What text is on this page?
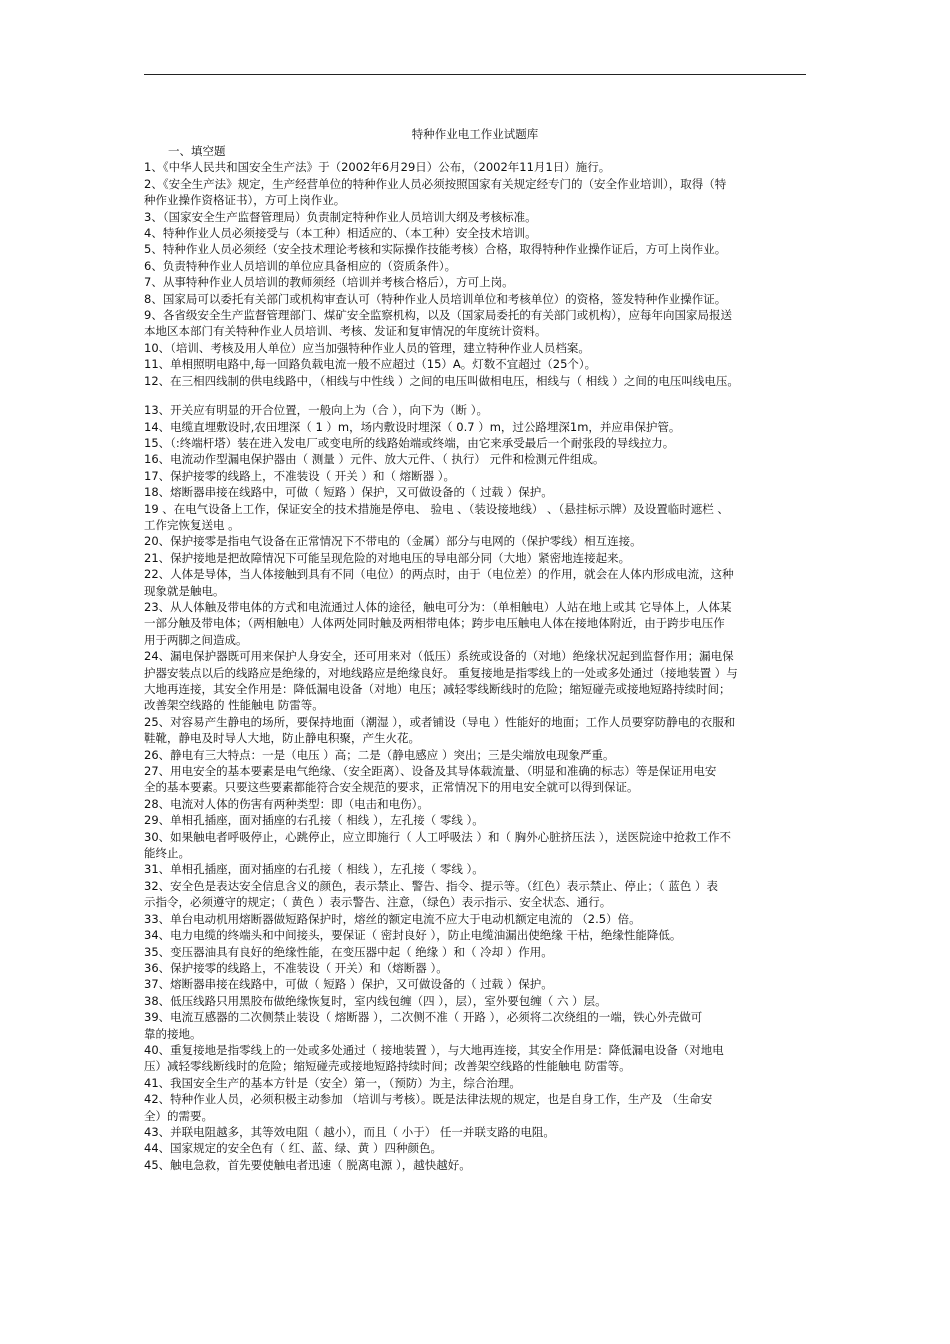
特种作业电工作业试题库
一、填空题
1、《中华人民共和国安全生产法》于（2002年6月29日）公布，（2002年11月1日）施行。
2、《安全生产法》规定，生产经营单位的特种作业人员必须按照国家有关规定经专门的（安全作业培训），取得（特
种作业操作资格证书），方可上岗作业。
3、（国家安全生产监督管理局）负责制定特种作业人员培训大纲及考核标准。
4、特种作业人员必须接受与（本工种）相适应的、（本工种）安全技术培训。
5、特种作业人员必须经（安全技术理论考核和实际操作技能考核）合格，取得特种作业操作证后，方可上岗作业。
6、负责特种作业人员培训的单位应具备相应的（资质条件）。
7、从事特种作业人员培训的教师须经（培训并考核合格后），方可上岗。
8、国家局可以委托有关部门或机构审查认可（特种作业人员培训单位和考核单位）的资格，签发特种作业操作证。
9、各省级安全生产监督管理部门、煤矿安全监察机构，以及（国家局委托的有关部门或机构），应每年向国家局报送
本地区本部门有关特种作业人员培训、考核、发证和复审情况的年度统计资料。
10、（培训、考核及用人单位）应当加强特种作业人员的管理，建立特种作业人员档案。
11、单相照明电路中,每一回路负载电流一般不应超过（15）A。灯数不宜超过（25个）。
12、在三相四线制的供电线路中，（相线与中性线 ）之间的电压叫做相电压，相线与（ 相线 ）之间的电压叫线电压。
13、开关应有明显的开合位置，一般向上为（合 ），向下为（断 ）。
14、电缆直埋敷设时,农田埋深（ 1 ）m，场内敷设时埋深（ 0.7 ）m，过公路埋深1m，并应串保护管。
15、（:终端杆塔）装在进入发电厂或变电所的线路始端或终端，由它来承受最后一个耐张段的导线拉力。
16、电流动作型漏电保护器由（ 测量 ）元件、放大元件、（ 执行） 元件和检测元件组成。
17、保护接零的线路上，不准装设（ 开关 ）和（ 熔断器 ）。
18、熔断器串接在线路中，可做（ 短路 ）保护，又可做设备的（ 过载 ）保护。
19 、在电气设备上工作，保证安全的技术措施是停电、 验电 、（装设接地线） 、（悬挂标示牌）及设置临时遮栏 、
工作完恢复送电 。
20、保护接零是指电气设备在正常情况下不带电的（金属）部分与电网的（保护零线）相互连接。
21、保护接地是把故障情况下可能呈现危险的对地电压的导电部分同（大地）紧密地连接起来。
22、人体是导体，当人体接触到具有不同（电位）的两点时，由于（电位差）的作用，就会在人体内形成电流，这种
现象就是触电。
23、从人体触及带电体的方式和电流通过人体的途径，触电可分为：（单相触电）人站在地上或其 它导体上，人体某
一部分触及带电体；（两相触电）人体两处同时触及两相带电体；跨步电压触电人体在接地体附近，由于跨步电压作
用于两脚之间造成。
24、漏电保护器既可用来保护人身安全，还可用来对（低压）系统或设备的（对地）绝缘状况起到监督作用；漏电保
护器安装点以后的线路应是绝缘的，对地线路应是绝缘良好。 重复接地是指零线上的一处或多处通过（接地装置 ）与
大地再连接，其安全作用是：降低漏电设备（对地）电压；减轻零线断线时的危险；缩短碰壳或接地短路持续时间；
改善架空线路的 性能触电 防雷等。
25、对容易产生静电的场所，要保持地面（潮湿 ），或者铺设（导电 ）性能好的地面；工作人员要穿防静电的衣服和
鞋靴，静电及时导人大地，防止静电积聚，产生火花。
26、静电有三大特点：一是（电压 ）高；二是（静电感应 ）突出；三是尖端放电现象严重。
27、用电安全的基本要素是电气绝缘、（安全距离）、设备及其导体载流量、（明显和准确的标志）等是保证用电安
全的基本要素。只要这些要素都能符合安全规范的要求，正常情况下的用电安全就可以得到保证。
28、电流对人体的伤害有两种类型：即（电击和电伤）。
29、单相孔插座，面对插座的右孔接（ 相线 ），左孔接（ 零线 ）。
30、如果触电者呼吸停止，心跳停止，应立即施行（ 人工呼吸法 ）和（ 胸外心脏挤压法 ），送医院途中抢救工作不
能终止。
31、单相孔插座，面对插座的右孔接（ 相线 ），左孔接（ 零线 ）。
32、安全色是表达安全信息含义的颜色，表示禁止、警告、指令、提示等。（红色）表示禁止、停止；（ 蓝色 ）表
示指令，必须遵守的规定；（ 黄色 ）表示警告、注意，（绿色）表示指示、安全状态、通行。
33、单台电动机用熔断器做短路保护时，熔丝的额定电流不应大于电动机额定电流的 （2.5）倍。
34、电力电缆的终端头和中间接头，要保证（ 密封良好 ），防止电缆油漏出使绝缘 干枯，绝缘性能降低。
35、变压器油具有良好的绝缘性能，在变压器中起（ 绝缘 ）和（ 冷却 ）作用。
36、保护接零的线路上，不准装设（ 开关）和（熔断器 ）。
37、熔断器串接在线路中，可做（ 短路 ）保护，又可做设备的（ 过载 ）保护。
38、低压线路只用黑胶布做绝缘恢复时，室内线包缠（四 ），层），室外要包缠（ 六 ）层。
39、电流互感器的二次侧禁止装设（ 熔断器 ），二次侧不准（ 开路 ），必须将二次绕组的一端，铁心外壳做可
靠的接地。
40、重复接地是指零线上的一处或多处通过（ 接地装置 ），与大地再连接，其安全作用是：降低漏电设备（对地电
压）减轻零线断线时的危险；缩短碰壳或接地短路持续时间；改善架空线路的性能触电 防雷等。
41、我国安全生产的基本方针是（安全）第一，（预防）为主，综合治理。
42、特种作业人员，必须积极主动参加 （培训与考核）。既是法律法规的规定，也是自身工作，生产及 （生命安
全）的需要。
43、并联电阻越多，其等效电阻（ 越小），而且（ 小于） 任一并联支路的电阻。
44、国家规定的安全色有（ 红、蓝、绿、黄 ）四种颜色。
45、触电急救，首先要使触电者迅速（ 脱离电源 ），越快越好。
